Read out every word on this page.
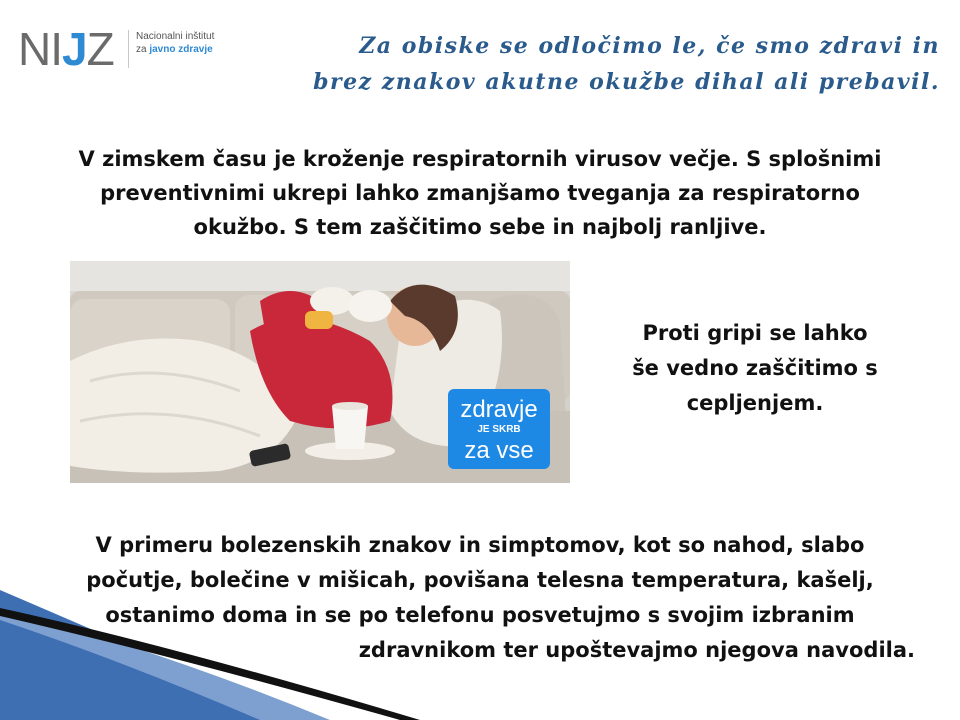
NIJZ Nacionalni inštitut
za javno zdravje	Za obiske se odločimo le, če smo zdravi in
brez znakov akutne okužbe dihal ali prebavil.
V zimskem času je kroženje respiratornih virusov večje. S splošnimi
preventivnimi ukrepi lahko zmanjšamo tveganja za respiratorno
okužbo. S tem zaščitimo sebe in najbolj ranljive.
zdravje
JE SKRB
za vse
Proti gripi se lahko
še vedno zaščitimo s
cepljenjem.
V primeru bolezenskih znakov in simptomov, kot so nahod, slabo
počutje, bolečine v mišicah, povišana telesna temperatura, kašelj,
ostanimo doma in se po telefonu posvetujmo s svojim izbranim
zdravnikom ter upoštevajmo njegova navodila.
